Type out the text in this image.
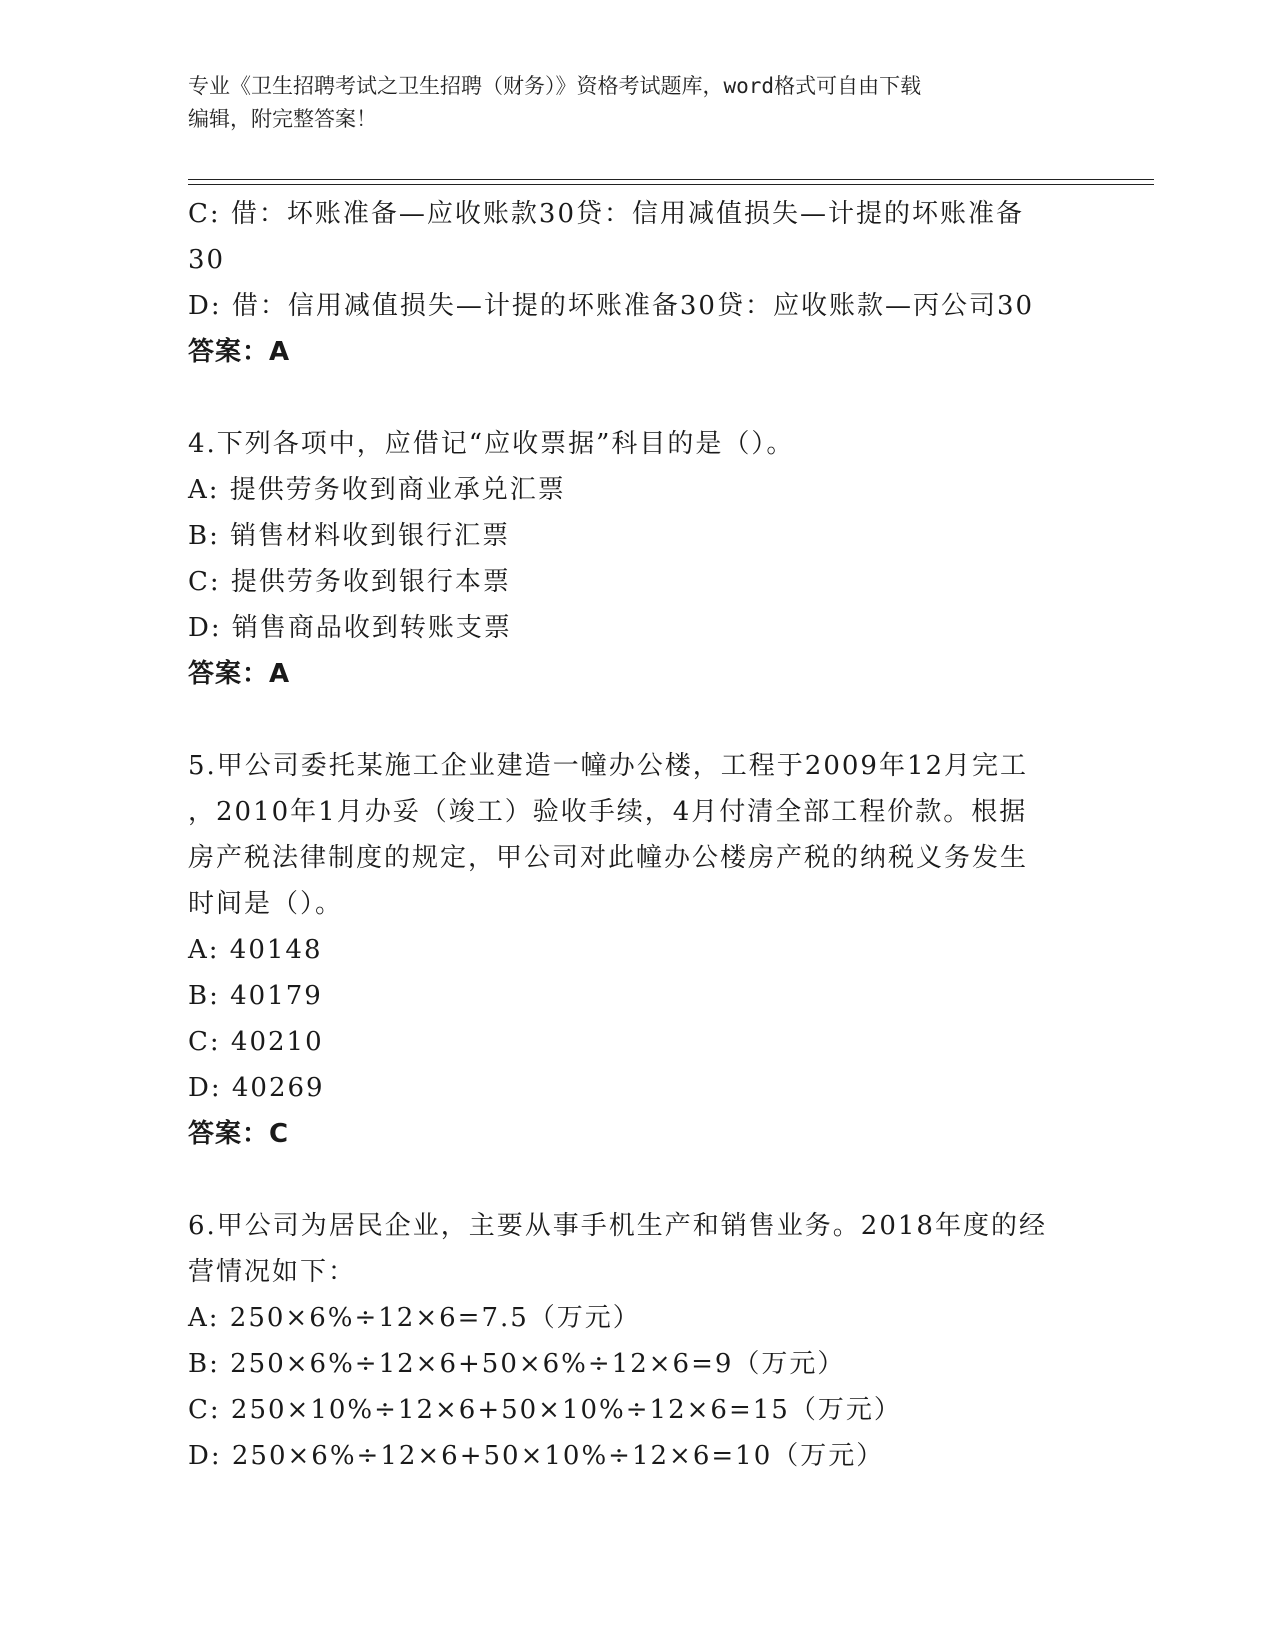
专业《卫生招聘考试之卫生招聘（财务）》资格考试题库，word格式可自由下载
编辑，附完整答案！
C: 借：坏账准备—应收账款30贷：信用减值损失—计提的坏账准备
30
D: 借：信用减值损失—计提的坏账准备30贷：应收账款—丙公司30
答案：A
4.下列各项中，应借记“应收票据”科目的是（）。
A: 提供劳务收到商业承兑汇票
B: 销售材料收到银行汇票
C: 提供劳务收到银行本票
D: 销售商品收到转账支票
答案：A
5.甲公司委托某施工企业建造一幢办公楼，工程于2009年12月完工
，2010年1月办妥（竣工）验收手续，4月付清全部工程价款。根据
房产税法律制度的规定，甲公司对此幢办公楼房产税的纳税义务发生
时间是（）。
A: 40148
B: 40179
C: 40210
D: 40269
答案：C
6.甲公司为居民企业，主要从事手机生产和销售业务。2018年度的经
营情况如下：
A: 250×6%÷12×6=7.5（万元）
B: 250×6%÷12×6+50×6%÷12×6=9（万元）
C: 250×10%÷12×6+50×10%÷12×6=15（万元）
D: 250×6%÷12×6+50×10%÷12×6=10（万元）
